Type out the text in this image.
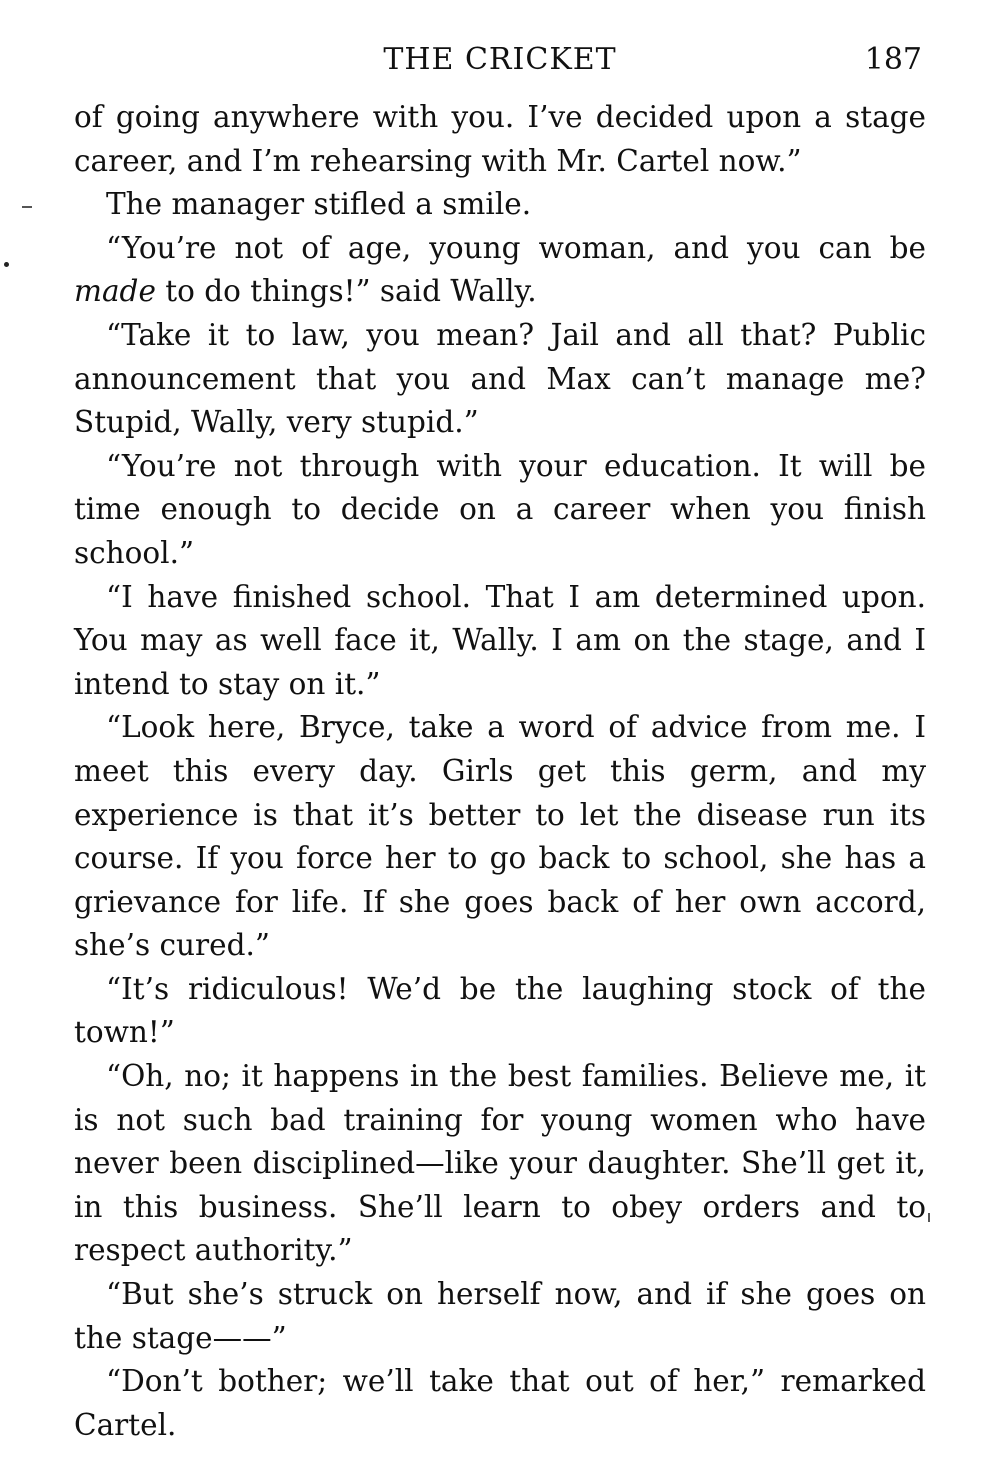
THE CRICKET	187

of going anywhere with you. I’ve decided upon a stage career, and I’m rehearsing with Mr. Cartel now.”

The manager stifled a smile.

“You’re not of age, young woman, and you can be made to do things!” said Wally.

“Take it to law, you mean? Jail and all that? Public announcement that you and Max can’t manage me? Stupid, Wally, very stupid.”

“You’re not through with your education. It will be time enough to decide on a career when you finish school.”

“I have finished school. That I am determined upon. You may as well face it, Wally. I am on the stage, and I intend to stay on it.”

“Look here, Bryce, take a word of advice from me. I meet this every day. Girls get this germ, and my experience is that it’s better to let the disease run its course. If you force her to go back to school, she has a grievance for life. If she goes back of her own accord, she’s cured.”

“It’s ridiculous! We’d be the laughing stock of the town!”

“Oh, no; it happens in the best families. Believe me, it is not such bad training for young women who have never been disciplined—like your daughter. She’ll get it, in this business. She’ll learn to obey orders and to respect authority.”

“But she’s struck on herself now, and if she goes on the stage——”

“Don’t bother; we’ll take that out of her,” remarked Cartel.
